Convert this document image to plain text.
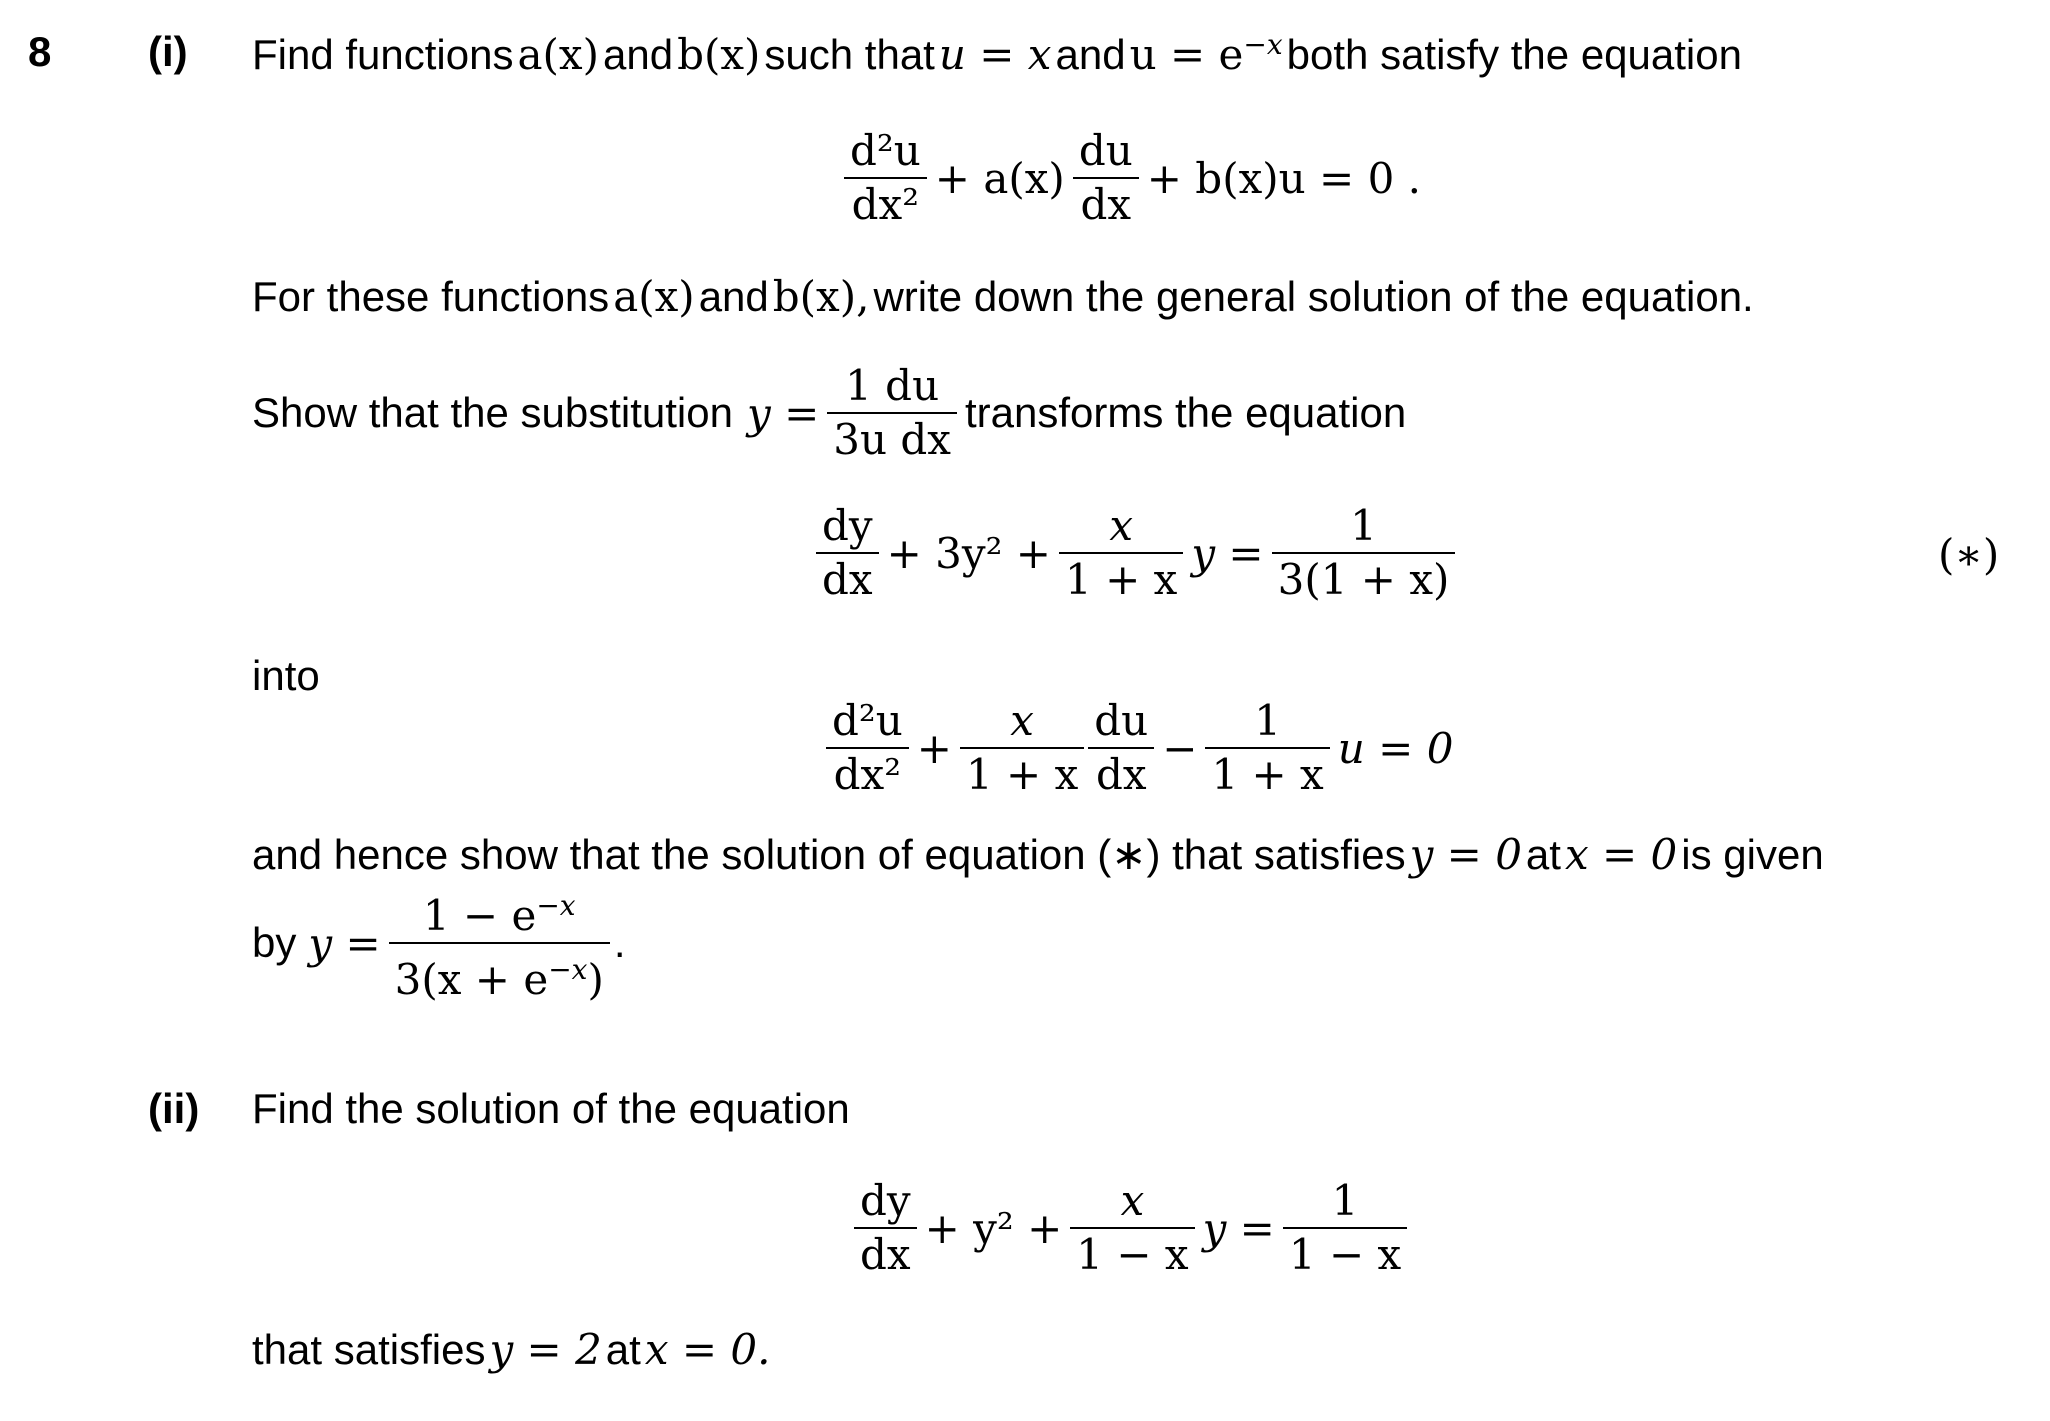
8 (i) Find functions
a(x)
and
b(x)
such that
u = x
and
$u = e^{-x}$
both satisfy the equation
$\frac{\text{d²u}}{\text{dx²}} + a(x) \frac{du}{dx} + b(x)u = 0$ .
For these functions
a(x)
and
b(x),
write down the general solution of the equation.
Show that the substitution $y = \frac{1 du}{\text{3u dx}}$ transforms the equation
$\frac{dy}{dx} + 3y^2 + \frac{x}{1 + x}$ $y = \frac{1}{3(1 + x)}$	(∗)
into
$\frac{\text{d²u}}{\text{dx²}} + \frac{x}{1 + x} \frac{du}{dx} - \frac{1}{1 + x}$ u = 0
and hence show that the solution of equation (∗) that satisfies
y = 0
at
x = 0
is given
by $y = \frac{1 - e^{-x}}{3(x + e^{-x})}$ .
(ii) Find the solution of the equation
$\frac{dy}{dx} + y^2 + \frac{x}{1 - x}$ $y = \frac{1}{1 - x}$
that satisfies
y = 2
at
x = 0.
